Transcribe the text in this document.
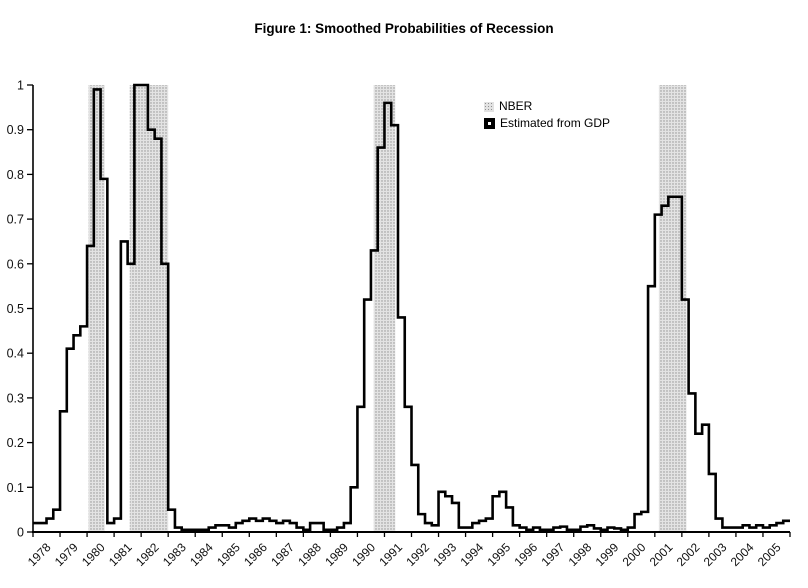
Figure 1: Smoothed Probabilities of Recession
0
0.1
0.2
0.3
0.4
0.5
0.6
0.7
0.8
0.9
1
1978
1979
1980
1981
1982
1983
1984
1985
1986
1987
1988
1989
1990
1991
1992
1993
1994
1995
1996
1997
1998
1999
2000
2001
2002
2003
2004
2005
NBER
Estimated from GDP
